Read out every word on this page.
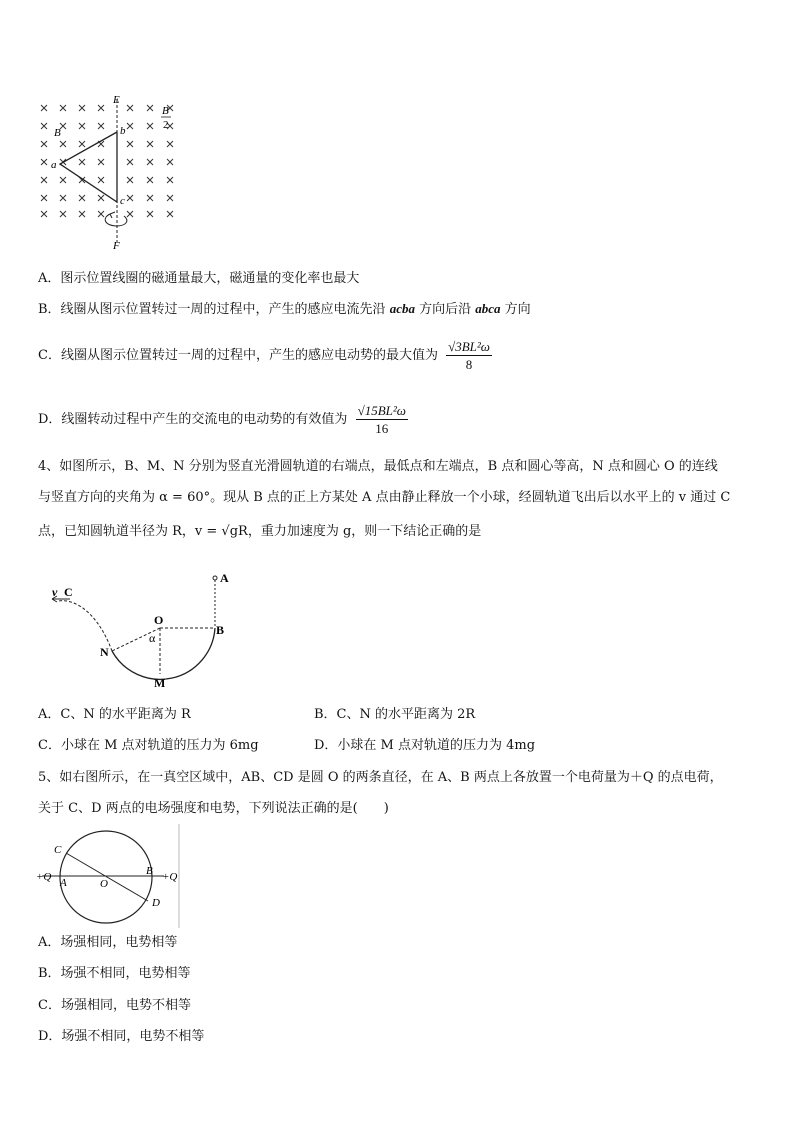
E
F
B
B
2
a
b
c
A．图示位置线圈的磁通量最大，磁通量的变化率也最大
B．线圈从图示位置转过一周的过程中，产生的感应电流先沿 acba 方向后沿 abca 方向
C．线圈从图示位置转过一周的过程中，产生的感应电动势的最大值为 $\frac{\text{√3BL²ω}}{8}$
D．线圈转动过程中产生的交流电的电动势的有效值为 $\frac{\text{√15BL²ω}}{16}$
4、如图所示，B、M、N 分别为竖直光滑圆轨道的右端点，最低点和左端点，B 点和圆心等高，N 点和圆心 O 的连线
与竖直方向的夹角为 α = 60°。现从 B 点的正上方某处 A 点由静止释放一个小球，经圆轨道飞出后以水平上的 v 通过 C
点，已知圆轨道半径为 R，v = √gR，重力加速度为 g，则一下结论正确的是
v C
A
O
B
N
M
α
A．C、N 的水平距离为 R	B．C、N 的水平距离为 2R
C．小球在 M 点对轨道的压力为 6mg	D．小球在 M 点对轨道的压力为 4mg
5、如右图所示，在一真空区域中，AB、CD 是圆 O 的两条直径，在 A、B 两点上各放置一个电荷量为＋Q 的点电荷，
关于 C、D 两点的电场强度和电势，下列说法正确的是(　　)
C
A	O
B
D
+Q	+Q
A．场强相同，电势相等
B．场强不相同，电势相等
C．场强相同，电势不相等
D．场强不相同，电势不相等
